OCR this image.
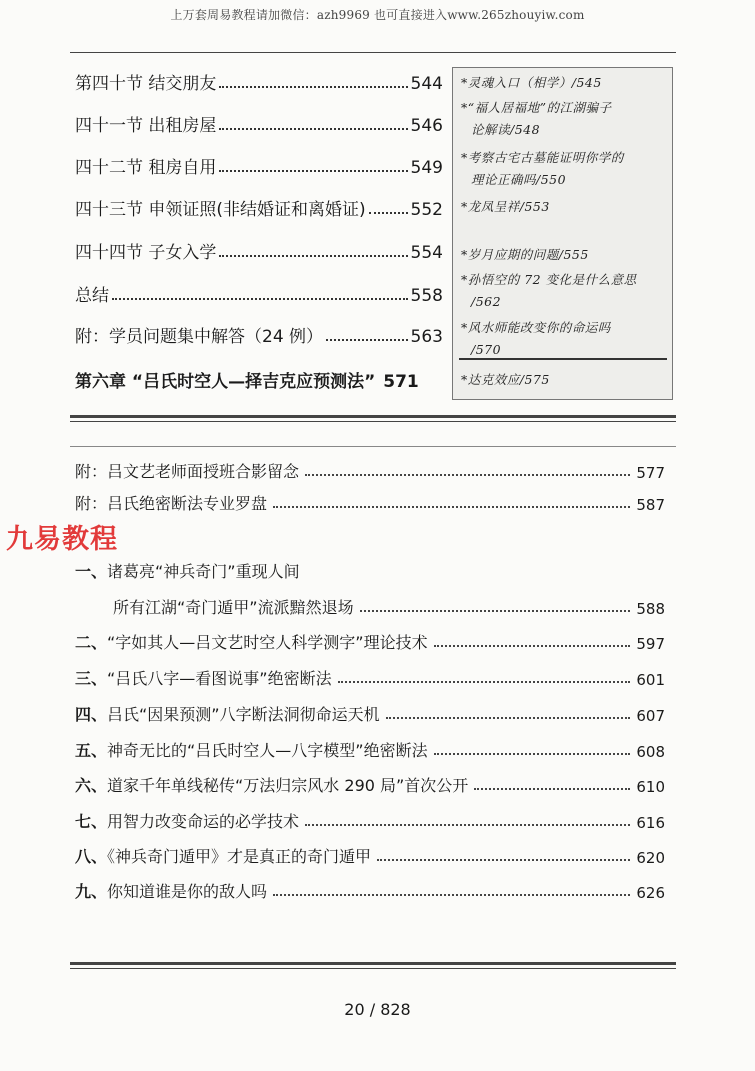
上万套周易教程请加微信：azh9969 也可直接进入www.265zhouyiw.com
第四十节 结交朋友	544
四十一节 出租房屋	546
四十二节 租房自用	549
四十三节 申领证照(非结婚证和离婚证)	552
四十四节 子女入学	554
总结	558
附：学员问题集中解答（24 例）	563
第六章 “吕氏时空人—择吉克应预测法” 571
*灵魂入口（相学）/545
*“福人居福地”的江湖骗子
论解读/548
*考察古宅古墓能证明你学的
理论正确吗/550
*龙凤呈祥/553
*岁月应期的问题/555
*孙悟空的 72 变化是什么意思
/562
*风水师能改变你的命运吗
/570
*达克效应/575
附：吕文艺老师面授班合影留念	577
附：吕氏绝密断法专业罗盘	587
九易教程
一、诸葛亮“神兵奇门”重现人间
所有江湖“奇门遁甲”流派黯然退场	588
二、“字如其人—吕文艺时空人科学测字”理论技术	597
三、“吕氏八字—看图说事”绝密断法	601
四、吕氏“因果预测”八字断法洞彻命运天机	607
五、神奇无比的“吕氏时空人—八字模型”绝密断法	608
六、道家千年单线秘传“万法归宗风水 290 局”首次公开	610
七、用智力改变命运的必学技术	616
八、《神兵奇门遁甲》才是真正的奇门遁甲	620
九、你知道谁是你的敌人吗	626
20 / 828
